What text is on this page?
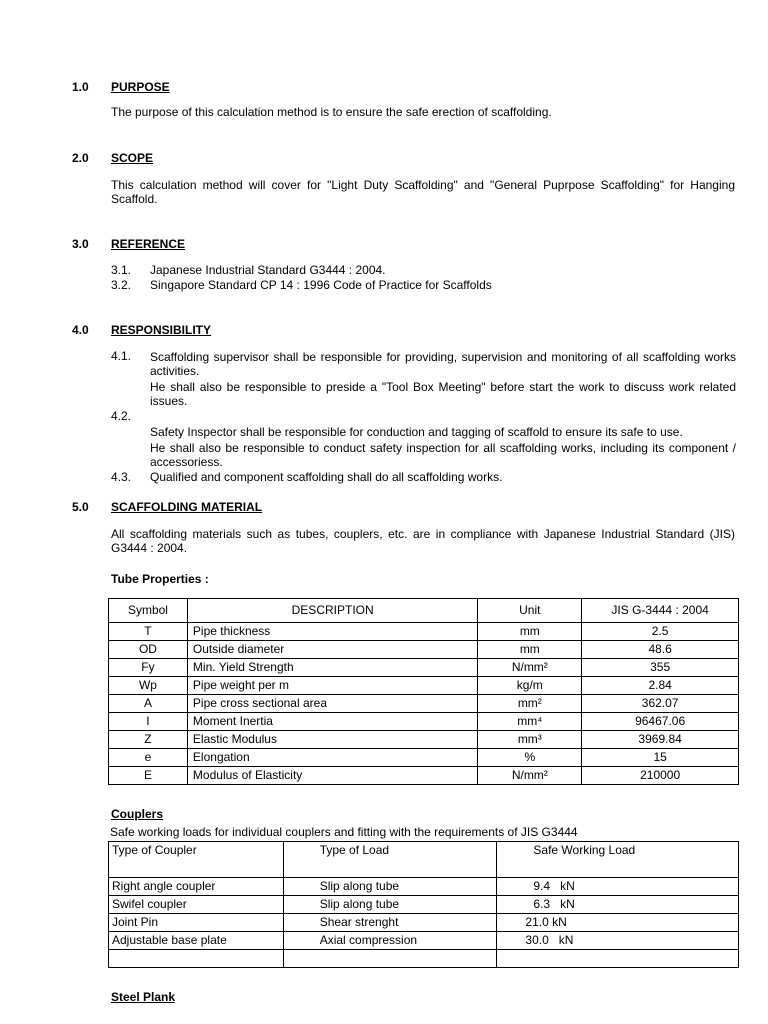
1.0 PURPOSE
The purpose of this calculation method is to ensure the safe erection of scaffolding.
2.0 SCOPE
This calculation method will cover for "Light Duty Scaffolding" and "General Puprpose Scaffolding" for Hanging Scaffold.
3.0 REFERENCE
3.1. Japanese Industrial Standard G3444 : 2004.
3.2. Singapore Standard CP 14 : 1996 Code of Practice for Scaffolds
4.0 RESPONSIBILITY
4.1. Scaffolding supervisor shall be responsible for providing, supervision and monitoring of all scaffolding works activities.
He shall also be responsible to preside a "Tool Box Meeting" before start the work to discuss work related issues.
4.2.
Safety Inspector shall be responsible for conduction and tagging of scaffold to ensure its safe to use.
He shall also be responsible to conduct safety inspection for all scaffolding works, including its component / accessoriess.
4.3. Qualified and component scaffolding shall do all scaffolding works.
5.0 SCAFFOLDING MATERIAL
All scaffolding materials such as tubes, couplers, etc. are in compliance with Japanese Industrial Standard (JIS) G3444 : 2004.
Tube Properties :
Symbol	DESCRIPTION	Unit	JIS G-3444 : 2004
T	Pipe thickness	mm	2.5
OD	Outside diameter	mm	48.6
Fy	Min. Yield Strength	N/mm²	355
Wp	Pipe weight per m	kg/m	2.84
A	Pipe cross sectional area	mm²	362.07
I	Moment Inertia	mm⁴	96467.06
Z	Elastic Modulus	mm³	3969.84
e	Elongation	%	15
E	Modulus of Elasticity	N/mm²	210000
Couplers
Safe working loads for individual couplers and fitting with the requirements of JIS G3444
Type of Coupler	Type of Load	Safe Working Load
Right angle coupler	Slip along tube	9.4   kN
Swifel coupler	Slip along tube	6.3   kN
Joint Pin	Shear strenght	21.0 kN
Adjustable base plate	Axial compression	30.0   kN

Steel Plank
